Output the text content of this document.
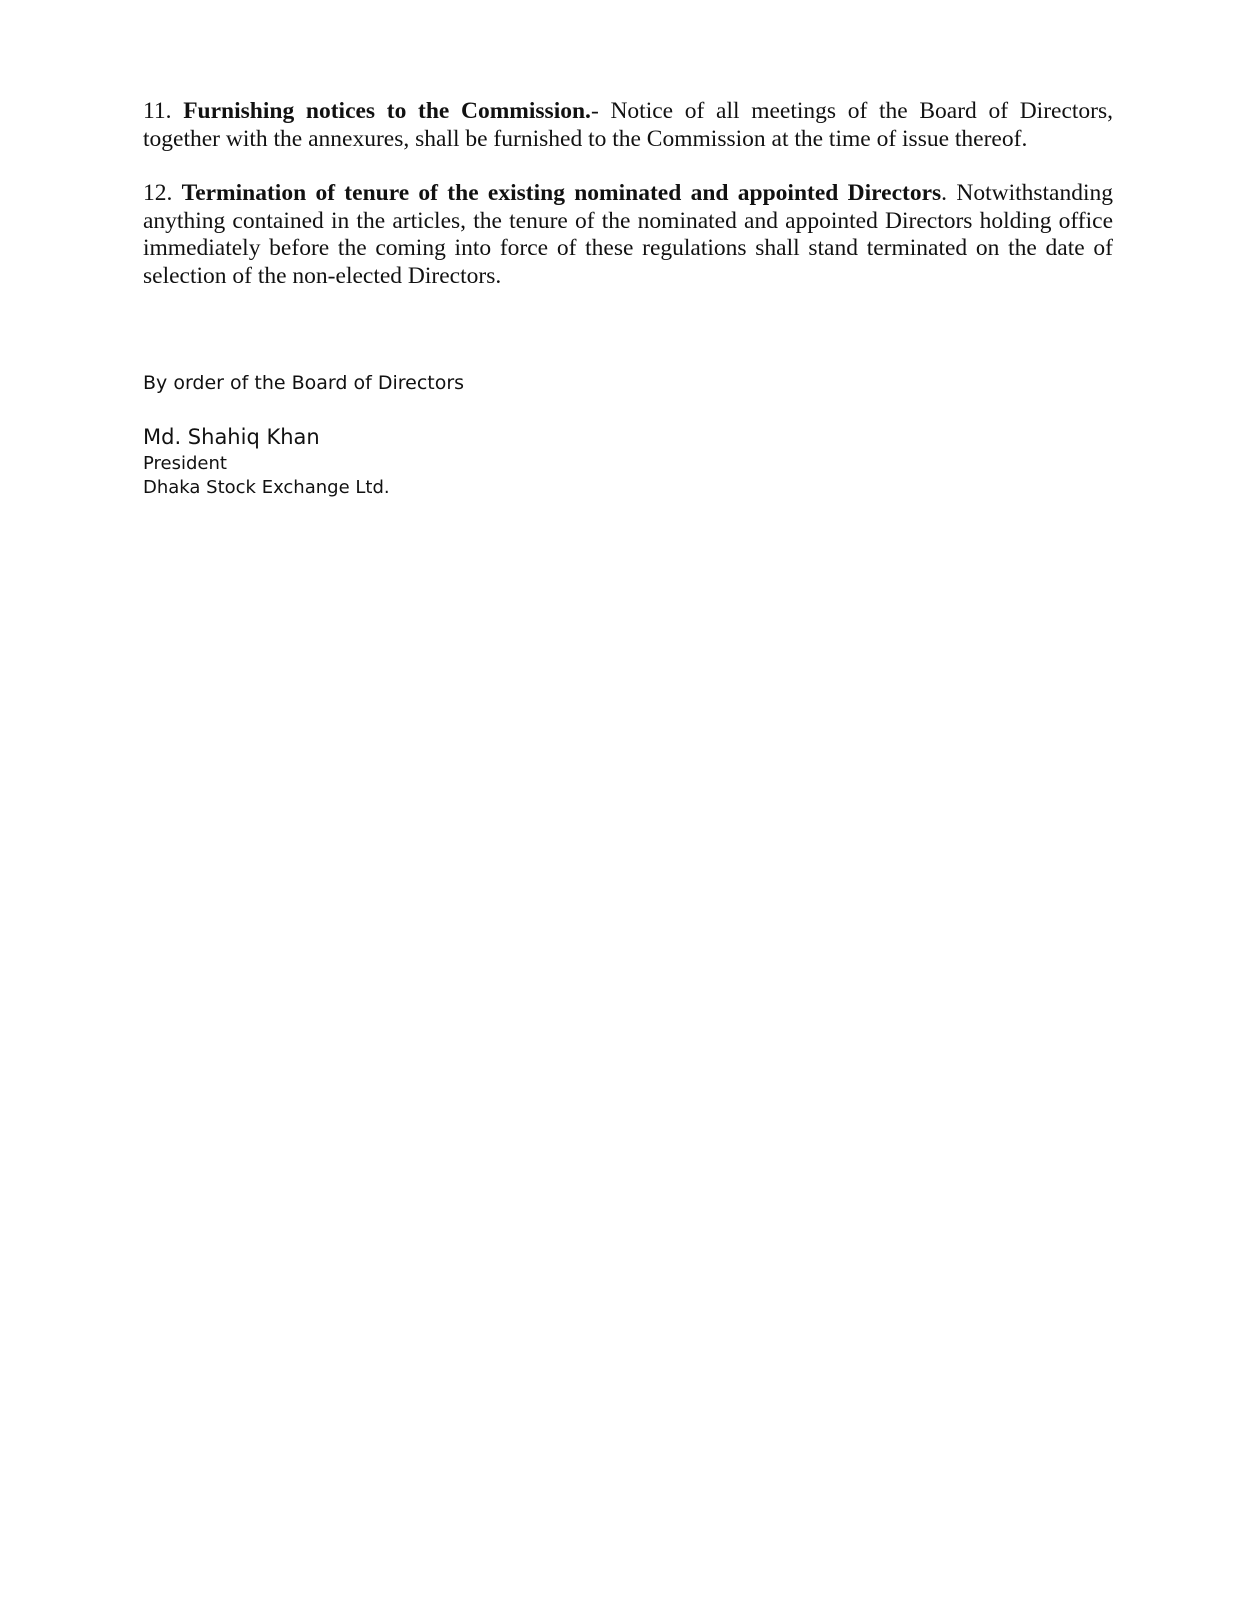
11. Furnishing notices to the Commission.- Notice of all meetings of the Board of Directors, together with the annexures, shall be furnished to the Commission at the time of issue thereof.

12. Termination of tenure of the existing nominated and appointed Directors. Notwithstanding anything contained in the articles, the tenure of the nominated and appointed Directors holding office immediately before the coming into force of these regulations shall stand terminated on the date of selection of the non-elected Directors.

By order of the Board of Directors

Md. Shahiq Khan

President

Dhaka Stock Exchange Ltd.
